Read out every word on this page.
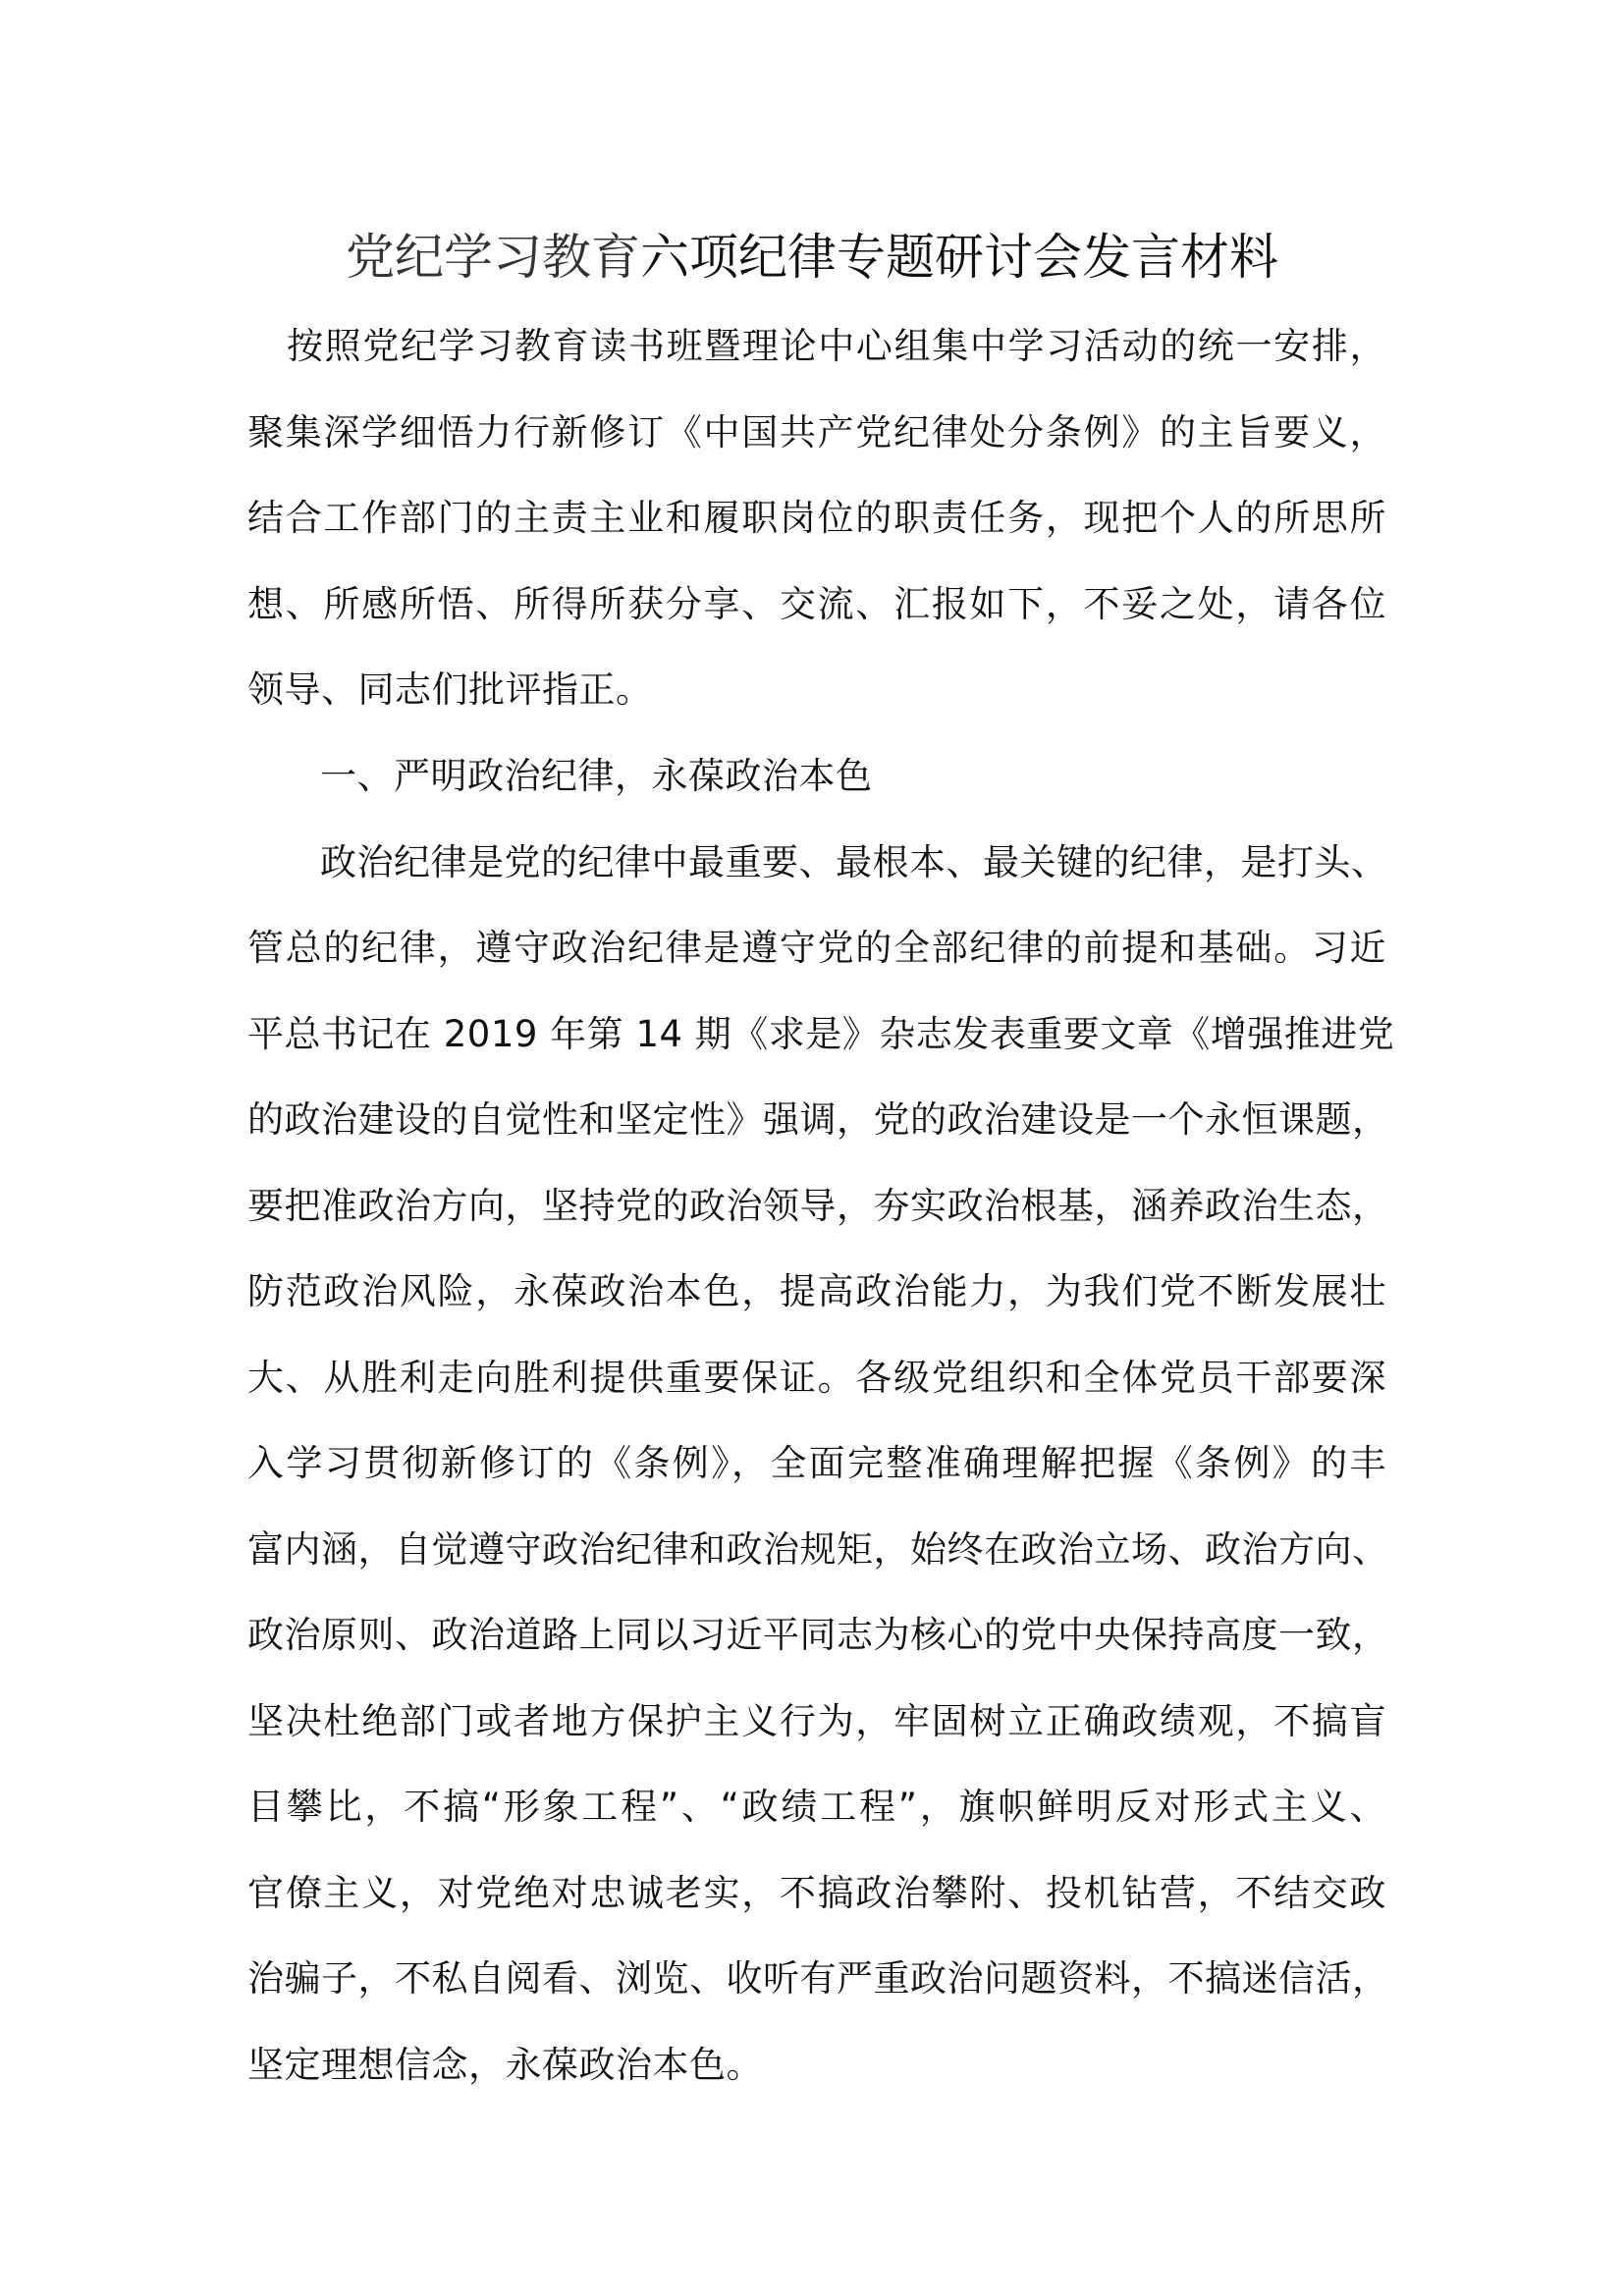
党纪学习教育六项纪律专题研讨会发言材料
按照党纪学习教育读书班暨理论中心组集中学习活动的统一安排，
聚集深学细悟力行新修订《中国共产党纪律处分条例》的主旨要义，
结合工作部门的主责主业和履职岗位的职责任务，现把个人的所思所
想、所感所悟、所得所获分享、交流、汇报如下，不妥之处，请各位
领导、同志们批评指正。
一、严明政治纪律，永葆政治本色
政治纪律是党的纪律中最重要、最根本、最关键的纪律，是打头、
管总的纪律，遵守政治纪律是遵守党的全部纪律的前提和基础。习近
平总书记在 2019 年第 14 期《求是》杂志发表重要文章《增强推进党
的政治建设的自觉性和坚定性》强调，党的政治建设是一个永恒课题，
要把准政治方向，坚持党的政治领导，夯实政治根基，涵养政治生态，
防范政治风险，永葆政治本色，提高政治能力，为我们党不断发展壮
大、从胜利走向胜利提供重要保证。各级党组织和全体党员干部要深
入学习贯彻新修订的《条例》，全面完整准确理解把握《条例》的丰
富内涵，自觉遵守政治纪律和政治规矩，始终在政治立场、政治方向、
政治原则、政治道路上同以习近平同志为核心的党中央保持高度一致，
坚决杜绝部门或者地方保护主义行为，牢固树立正确政绩观，不搞盲
目攀比，不搞“形象工程”、“政绩工程”，旗帜鲜明反对形式主义、
官僚主义，对党绝对忠诚老实，不搞政治攀附、投机钻营，不结交政
治骗子，不私自阅看、浏览、收听有严重政治问题资料，不搞迷信活，
坚定理想信念，永葆政治本色。
